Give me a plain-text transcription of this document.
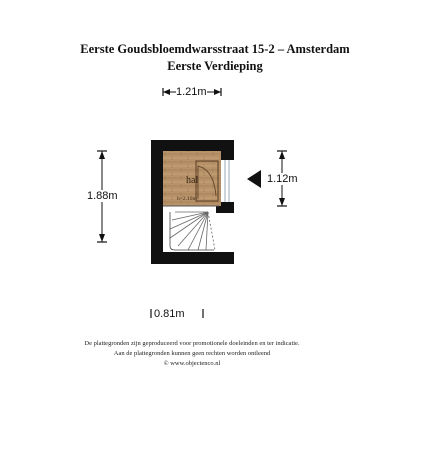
Eerste Goudsbloemdwarsstraat 15-2 – Amsterdam
Eerste Verdieping
hal
h=2.10m
1.21m
1.88m
1.12m
0.81m
De plattegronden zijn geproduceerd voor promotionele doeleinden en ter indicatie.
Aan de plattegronden kunnen geen rechten worden ontleend
© www.objectenco.nl
